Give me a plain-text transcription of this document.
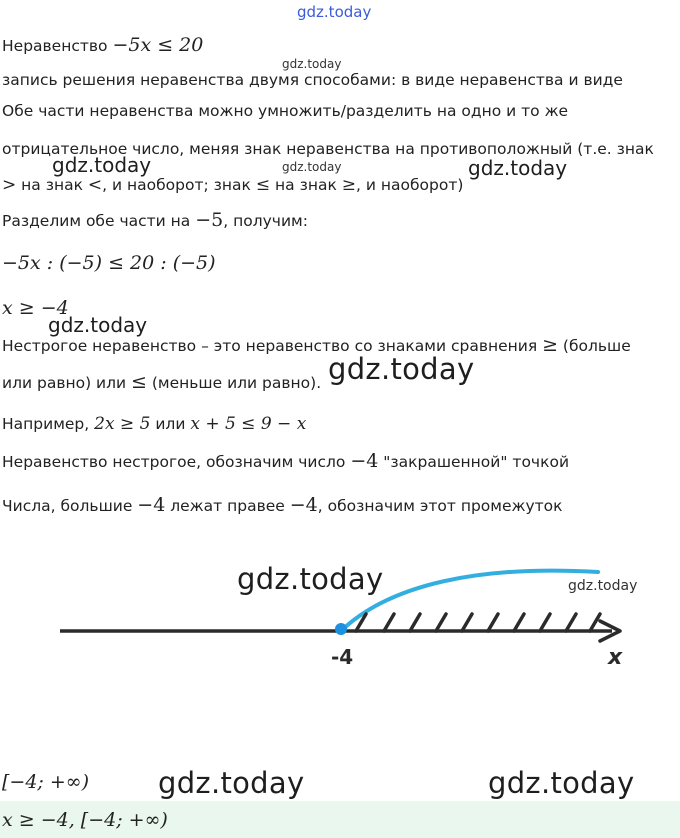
gdz.today
Неравенство −5x ≤ 20
gdz.today
запись решения неравенства двумя способами: в виде неравенства и виде
Обе части неравенства можно умножить/разделить на одно и то же
отрицательное число, меняя знак неравенства на противоположный (т.е. знак
gdz.today	gdz.today	gdz.today
> на знак <, и наоборот; знак ≤ на знак ≥, и наоборот)
Разделим обе части на −5, получим:
−5x : (−5) ≤ 20 : (−5)
x ≥ −4
gdz.today
Нестрогое неравенство – это неравенство со знаками сравнения ≥ (больше
или равно) или ≤ (меньше или равно). gdz.today
Например, 2x ≥ 5 или x + 5 ≤ 9 − x
Неравенство нестрогое, обозначим число −4 "закрашенной" точкой
Числа, большие −4 лежат правее −4, обозначим этот промежуток
gdz.today	gdz.today
-4	x
[−4; +∞) gdz.today	gdz.today
x ≥ −4, [−4; +∞)
